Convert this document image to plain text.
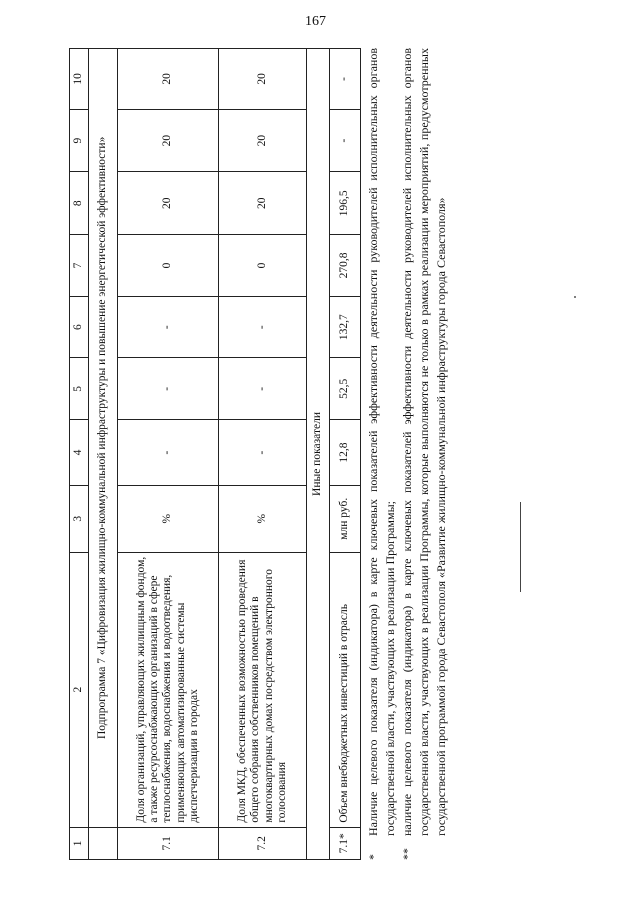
167
1	2	3	4	5	6	7	8	9	10
	Подпрограмма 7 «Цифровизация жилищно-коммунальной инфраструктуры и повышение энергетической эффективности»								
7.1	Доля организаций, управляющих жилищным фондом, а также ресурсоснабжающих организаций в сфере теплоснабжения, водоснабжения и водоотведения, применяющих автоматизированные системы диспетчеризации в городах	%	-	-	-	0	20	20	20
7.2	Доля МКД, обеспеченных возможностью проведения общего собрания собственников помещений в многоквартирных домах посредством электронного голосования	%	-	-	-	0	20	20	20
Иные показатели									
7.1*	Объем внебюджетных инвестиций в отрасль	млн руб.	12,8	52,5	132,7	270,8	196,5	-	-
*
Наличие целевого показателя (индикатора) в карте ключевых показателей эффективности деятельности руководителей исполнительных органов государственной власти, участвующих в реализации Программы;
**
наличие целевого показателя (индикатора) в карте ключевых показателей эффективности деятельности руководителей исполнительных органов государственной власти, участвующих в реализации Программы, которые выполняются не только в рамках реализации мероприятий, предусмотренных государственной программой города Севастополя «Развитие жилищно-коммунальной инфраструктуры города Севастополя»
